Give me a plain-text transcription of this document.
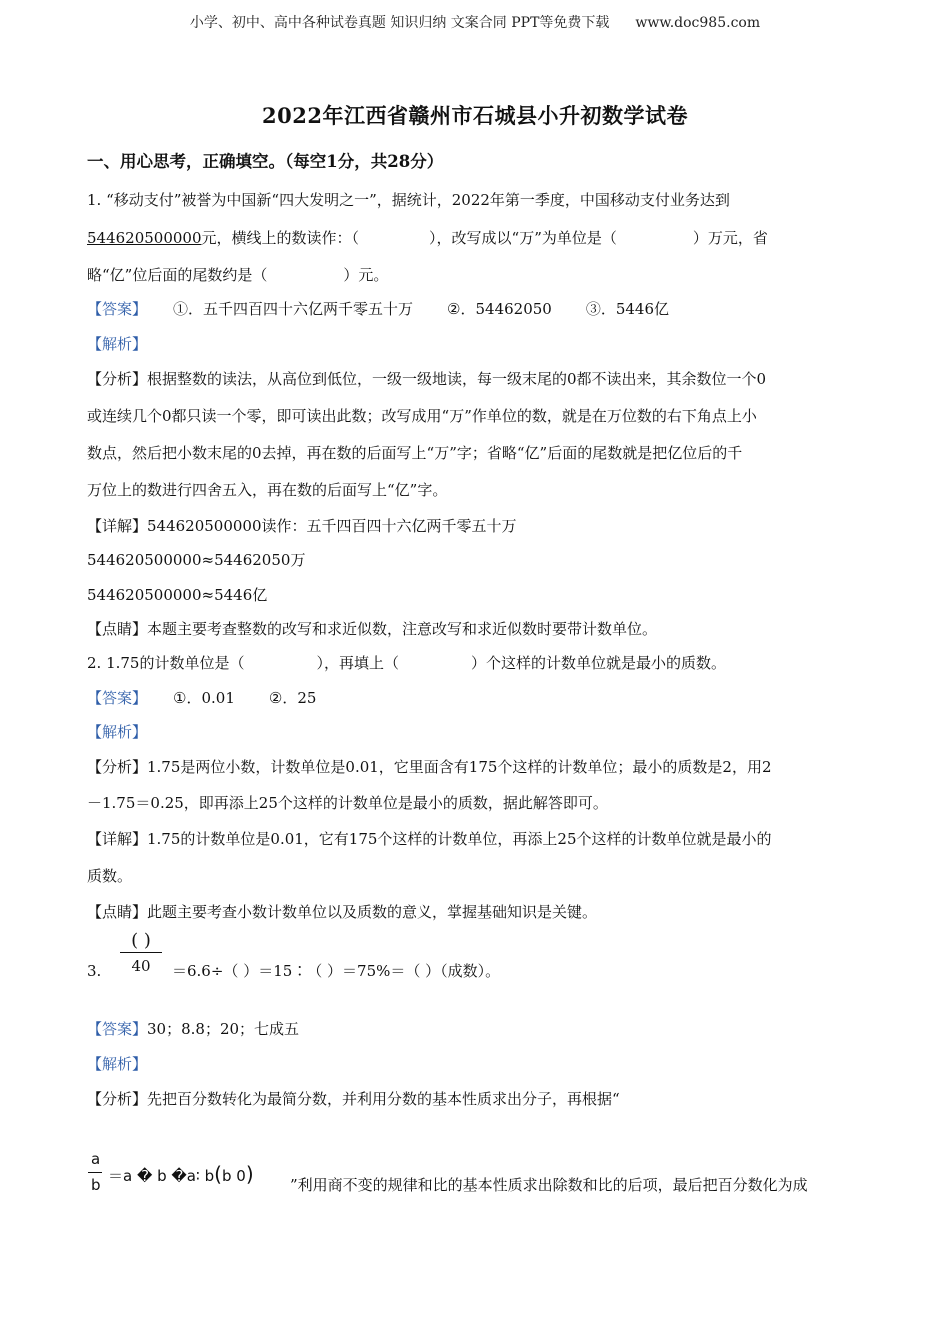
小学、初中、高中各种试卷真题 知识归纳 文案合同 PPT等免费下载 www.doc985.com
2022年江西省赣州市石城县小升初数学试卷
一、用心思考，正确填空。（每空1分，共28分）
1. “移动支付”被誉为中国新“四大发明之一”，据统计，2022年第一季度，中国移动支付业务达到
544620500000元，横线上的数读作：（	），改写成以“万”为单位是（	）万元，省
略“亿”位后面的尾数约是（	）元。
【答案】 ①．五千四百四十六亿两千零五十万 ②．54462050 ③．5446亿
【解析】
【分析】根据整数的读法，从高位到低位，一级一级地读，每一级末尾的0都不读出来，其余数位一个0
或连续几个0都只读一个零，即可读出此数；改写成用“万”作单位的数，就是在万位数的右下角点上小
数点，然后把小数末尾的0去掉，再在数的后面写上“万”字；省略“亿”后面的尾数就是把亿位后的千
万位上的数进行四舍五入，再在数的后面写上“亿”字。
【详解】544620500000读作：五千四百四十六亿两千零五十万
544620500000≈54462050万
544620500000≈5446亿
【点睛】本题主要考查整数的改写和求近似数，注意改写和求近似数时要带计数单位。
2. 1.75的计数单位是（	），再填上（	）个这样的计数单位就是最小的质数。
【答案】 ①．0.01 ②．25
【解析】
【分析】1.75是两位小数，计数单位是0.01，它里面含有175个这样的计数单位；最小的质数是2，用2
－1.75＝0.25，即再添上25个这样的计数单位是最小的质数，据此解答即可。
【详解】1.75的计数单位是0.01，它有175个这样的计数单位，再添上25个这样的计数单位就是最小的
质数。
【点睛】此题主要考查小数计数单位以及质数的意义，掌握基础知识是关键。
( )
40
3.	＝6.6÷（ ）＝15∶（ ）＝75%＝（ ）（成数）。
【答案】30；8.8；20；七成五
【解析】
【分析】先把百分数转化为最简分数，并利用分数的基本性质求出分子，再根据“
a
b ＝a � b �a∶ b(b 0) ”利用商不变的规律和比的基本性质求出除数和比的后项，最后把百分数化为成
